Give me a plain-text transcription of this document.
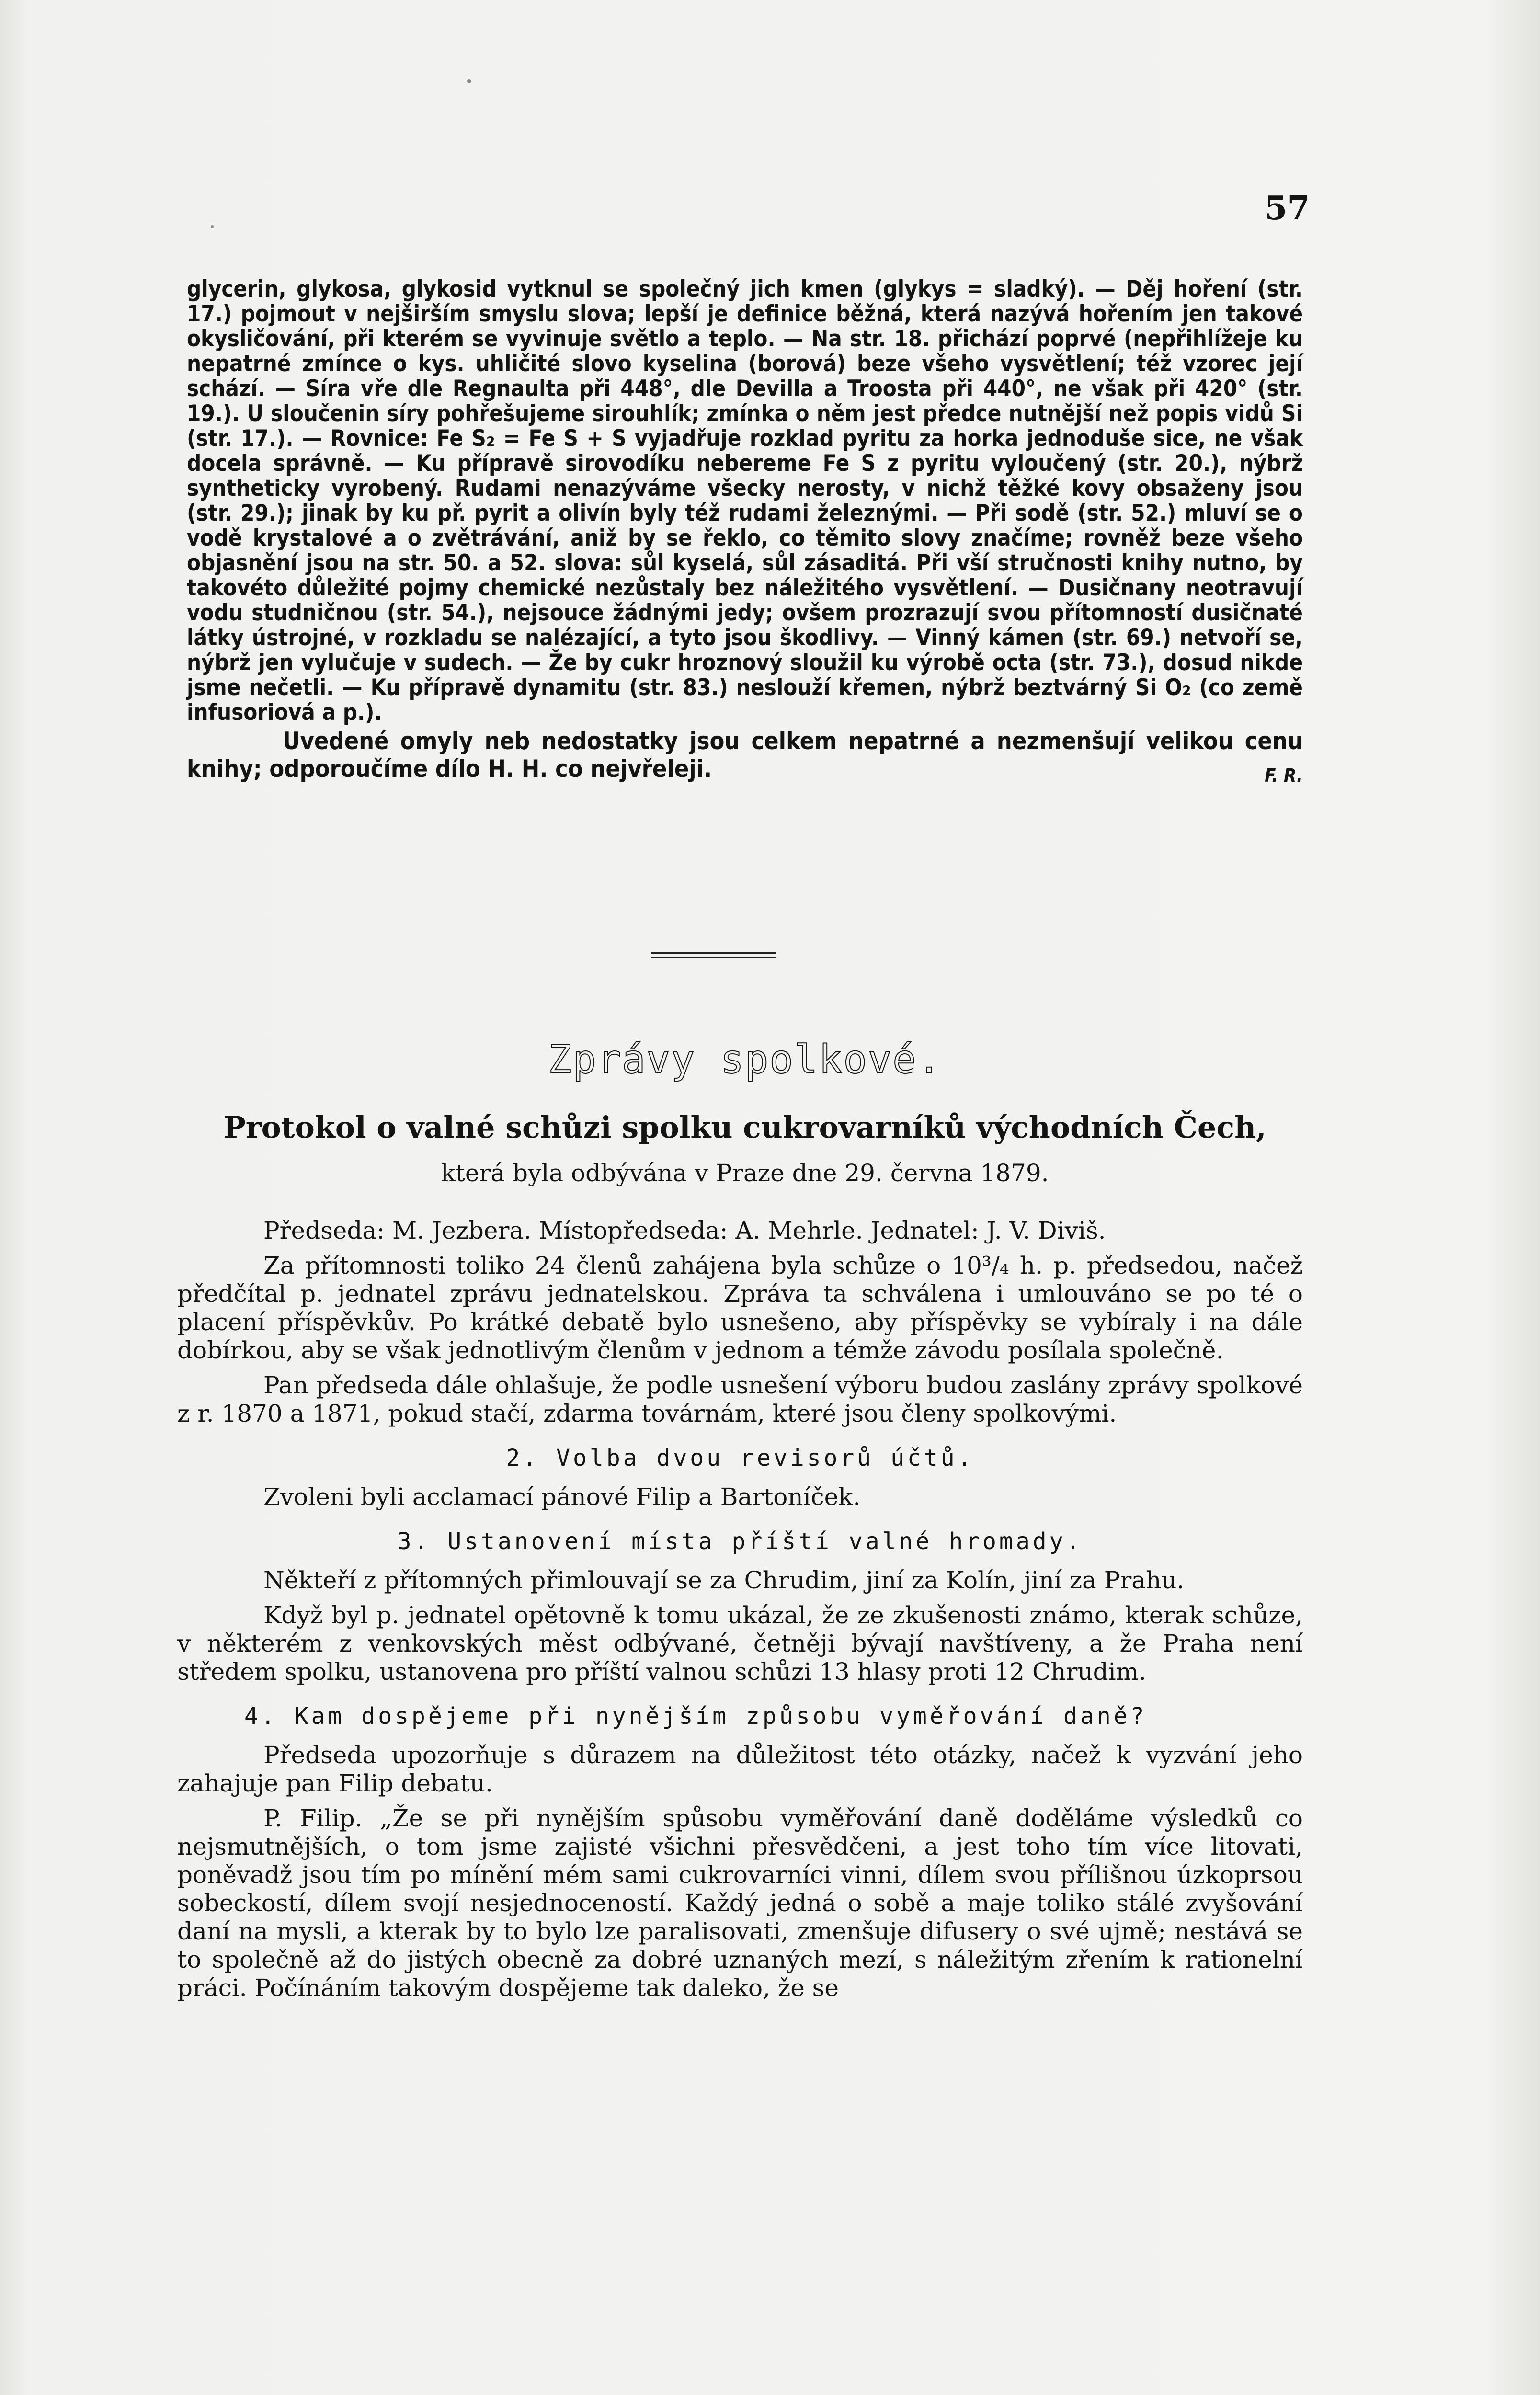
57

glycerin, glykosa, glykosid vytknul se společný jich kmen (glykys = sladký). — Děj hoření (str. 17.) pojmout v nejširším smyslu slova; lepší je definice běžná, která nazývá hořením jen takové okysličování, při kterém se vyvinuje světlo a teplo. — Na str. 18. přichází poprvé (nepřihlížeje ku nepatrné zmínce o kys. uhličité slovo kyselina (borová) beze všeho vysvětlení; též vzorec její schází. — Síra vře dle Regnaulta při 448°, dle Devilla a Troosta při 440°, ne však při 420° (str. 19.). U sloučenin síry pohřešujeme sirouhlík; zmínka o něm jest předce nutnější než popis vidů Si (str. 17.). — Rovnice: Fe S₂ = Fe S + S vyjadřuje rozklad pyritu za horka jednoduše sice, ne však docela správně. — Ku přípravě sirovodíku nebereme Fe S z pyritu vyloučený (str. 20.), nýbrž syntheticky vyrobený. Rudami nenazýváme všecky nerosty, v nichž těžké kovy obsaženy jsou (str. 29.); jinak by ku př. pyrit a olivín byly též rudami železnými. — Při sodě (str. 52.) mluví se o vodě krystalové a o zvětrávání, aniž by se řeklo, co těmito slovy značíme; rovněž beze všeho objasnění jsou na str. 50. a 52. slova: sůl kyselá, sůl zásaditá. Při vší stručnosti knihy nutno, by takovéto důležité pojmy chemické nezůstaly bez náležitého vysvětlení. — Dusičnany neotravují vodu studničnou (str. 54.), nejsouce žádnými jedy; ovšem prozrazují svou přítomností dusičnaté látky ústrojné, v rozkladu se nalézající, a tyto jsou škodlivy. — Vinný kámen (str. 69.) netvoří se, nýbrž jen vylučuje v sudech. — Že by cukr hroznový sloužil ku výrobě octa (str. 73.), dosud nikde jsme nečetli. — Ku přípravě dynamitu (str. 83.) neslouží křemen, nýbrž beztvárný Si O₂ (co země infusoriová a p.).

Uvedené omyly neb nedostatky jsou celkem nepatrné a nezmenšují velikou cenu knihy; odporoučíme dílo H. H. co nejvřeleji.	F. R.

Zprávy spolkové.
Protokol o valné schůzi spolku cukrovarníků východních Čech,
která byla odbývána v Praze dne 29. června 1879.

Předseda: M. Jezbera. Místopředseda: A. Mehrle. Jednatel: J. V. Diviš.

Za přítomnosti toliko 24 členů zahájena byla schůze o 10³/₄ h. p. předsedou, načež předčítal p. jednatel zprávu jednatelskou. Zpráva ta schválena i umlouváno se po té o placení příspěvkův. Po krátké debatě bylo usnešeno, aby příspěvky se vybíraly i na dále dobírkou, aby se však jednotlivým členům v jednom a témže závodu posílala společně.

Pan předseda dále ohlašuje, že podle usnešení výboru budou zaslány zprávy spolkové z r. 1870 a 1871, pokud stačí, zdarma továrnám, které jsou členy spolkovými.

2. Volba dvou revisorů účtů.

Zvoleni byli acclamací pánové Filip a Bartoníček.

3. Ustanovení místa příští valné hromady.

Někteří z přítomných přimlouvají se za Chrudim, jiní za Kolín, jiní za Prahu.

Když byl p. jednatel opětovně k tomu ukázal, že ze zkušenosti známo, kterak schůze, v některém z venkovských měst odbývané, četněji bývají navštíveny, a že Praha není středem spolku, ustanovena pro příští valnou schůzi 13 hlasy proti 12 Chrudim.

4. Kam dospějeme při nynějším způsobu vyměřování daně?

Předseda upozorňuje s důrazem na důležitost této otázky, načež k vyzvání jeho zahajuje pan Filip debatu.

P. Filip. „Že se při nynějším spůsobu vyměřování daně doděláme výsledků co nejsmutnějších, o tom jsme zajisté všichni přesvědčeni, a jest toho tím více litovati, poněvadž jsou tím po mínění mém sami cukrovarníci vinni, dílem svou přílišnou úzkoprsou sobeckostí, dílem svojí nesjednoceností. Každý jedná o sobě a maje toliko stálé zvyšování daní na mysli, a kterak by to bylo lze paralisovati, zmenšuje difusery o své ujmě; nestává se to společně až do jistých obecně za dobré uznaných mezí, s náležitým zřením k rationelní práci. Počínáním takovým dospějeme tak daleko, že se
